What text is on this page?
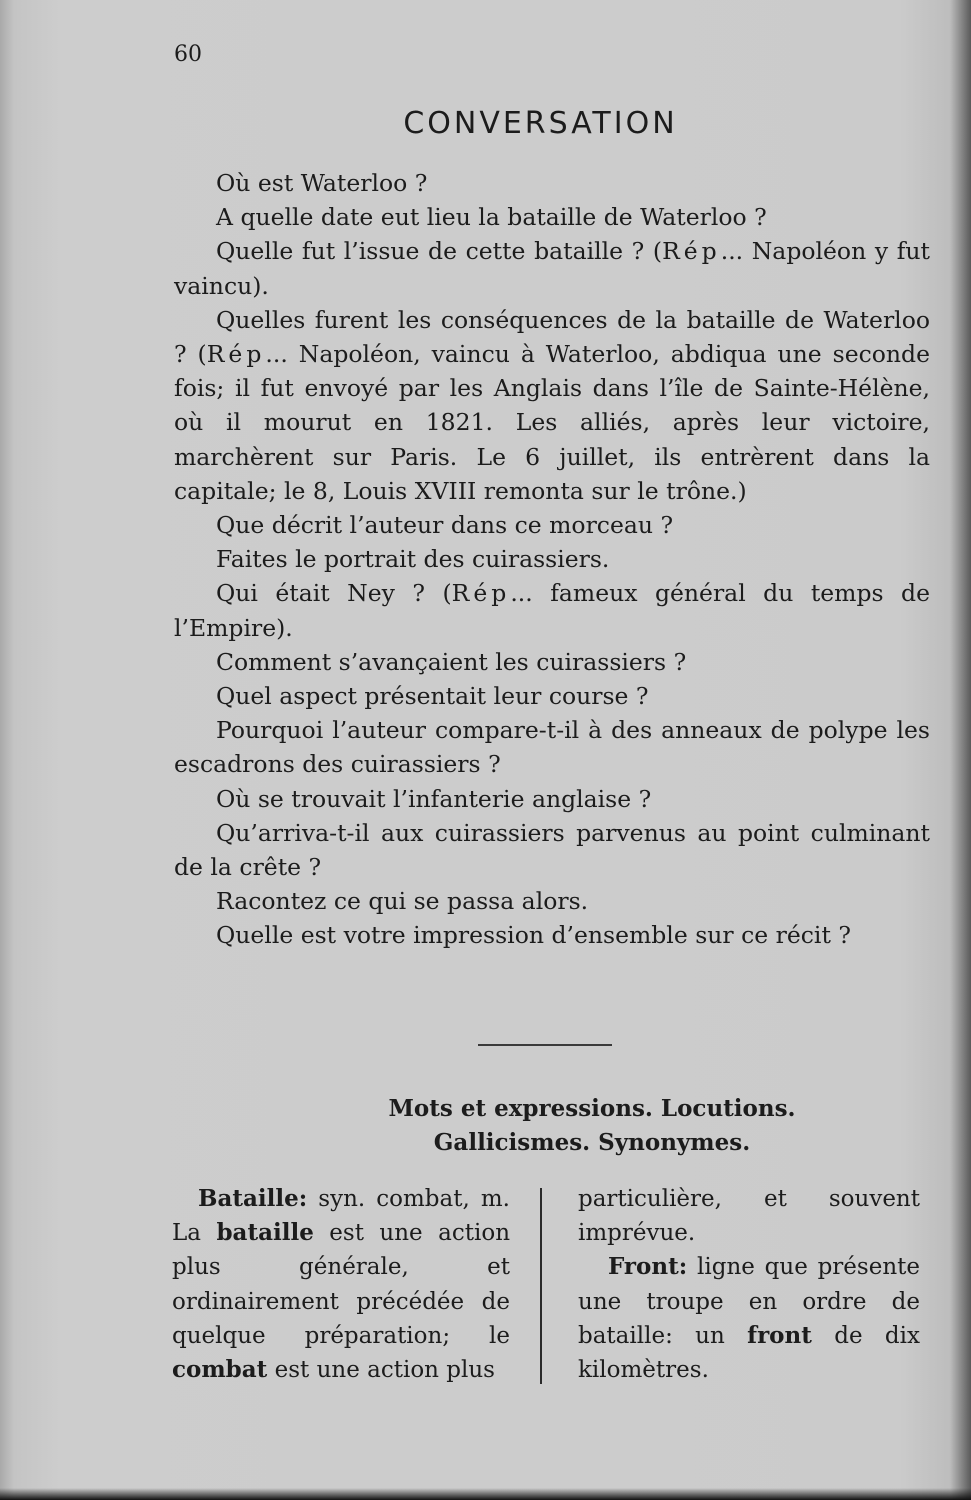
60
CONVERSATION

Où est Waterloo ?

A quelle date eut lieu la bataille de Waterloo ?

Quelle fut l’issue de cette bataille ? (Rép... Napoléon y fut vaincu).

Quelles furent les conséquences de la bataille de Waterloo ? (Rép... Napoléon, vaincu à Waterloo, abdiqua une seconde fois; il fut envoyé par les Anglais dans l’île de Sainte-Hélène, où il mourut en 1821. Les alliés, après leur victoire, marchèrent sur Paris. Le 6 juillet, ils entrèrent dans la capitale; le 8, Louis XVIII remonta sur le trône.)

Que décrit l’auteur dans ce morceau ?

Faites le portrait des cuirassiers.

Qui était Ney ? (Rép... fameux général du temps de l’Empire).

Comment s’avançaient les cuirassiers ?

Quel aspect présentait leur course ?

Pourquoi l’auteur compare-t-il à des anneaux de polype les escadrons des cuirassiers ?

Où se trouvait l’infanterie anglaise ?

Qu’arriva-t-il aux cuirassiers parvenus au point culminant de la crête ?

Racontez ce qui se passa alors.

Quelle est votre impression d’ensemble sur ce récit ?

Mots et expressions. Locutions.
Gallicismes. Synonymes.

Bataille: syn. combat, m. La bataille est une action plus générale, et ordinairement précédée de quelque préparation; le combat est une action plus

particulière, et souvent imprévue.

Front: ligne que présente une troupe en ordre de bataille: un front de dix kilomètres.
